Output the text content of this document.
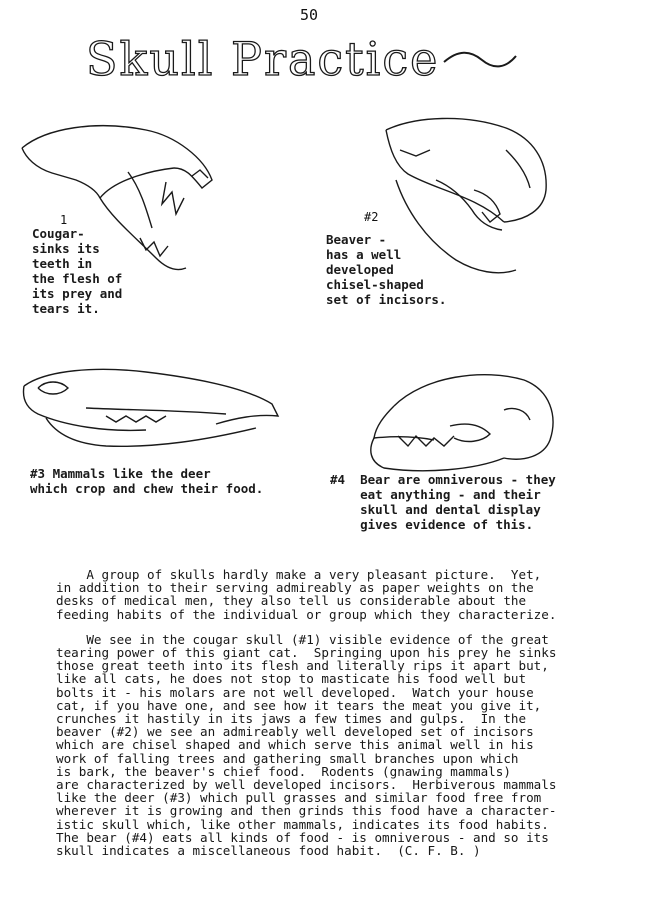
50
Skull Practice
1
Cougar-
sinks its
teeth in
the flesh of
its prey and
tears it.
Beaver -
has a well
developed
chisel-shaped
set of incisors.
#2
#3 Mammals like the deer
which crop and chew their food.
#4  Bear are omniverous - they
eat anything - and their
skull and dental display
gives evidence of this.

A group of skulls hardly make a very pleasant picture.  Yet,
in addition to their serving admireably as paper weights on the
desks of medical men, they also tell us considerable about the
feeding habits of the individual or group which they characterize.

We see in the cougar skull (#1) visible evidence of the great
tearing power of this giant cat.  Springing upon his prey he sinks
those great teeth into its flesh and literally rips it apart but,
like all cats, he does not stop to masticate his food well but
bolts it - his molars are not well developed.  Watch your house
cat, if you have one, and see how it tears the meat you give it,
crunches it hastily in its jaws a few times and gulps.  In the
beaver (#2) we see an admireably well developed set of incisors
which are chisel shaped and which serve this animal well in his
work of falling trees and gathering small branches upon which
is bark, the beaver's chief food.  Rodents (gnawing mammals)
are characterized by well developed incisors.  Herbiverous mammals
like the deer (#3) which pull grasses and similar food free from
wherever it is growing and then grinds this food have a character-
istic skull which, like other mammals, indicates its food habits.
The bear (#4) eats all kinds of food - is omniverous - and so its
skull indicates a miscellaneous food habit.  (C. F. B. )
